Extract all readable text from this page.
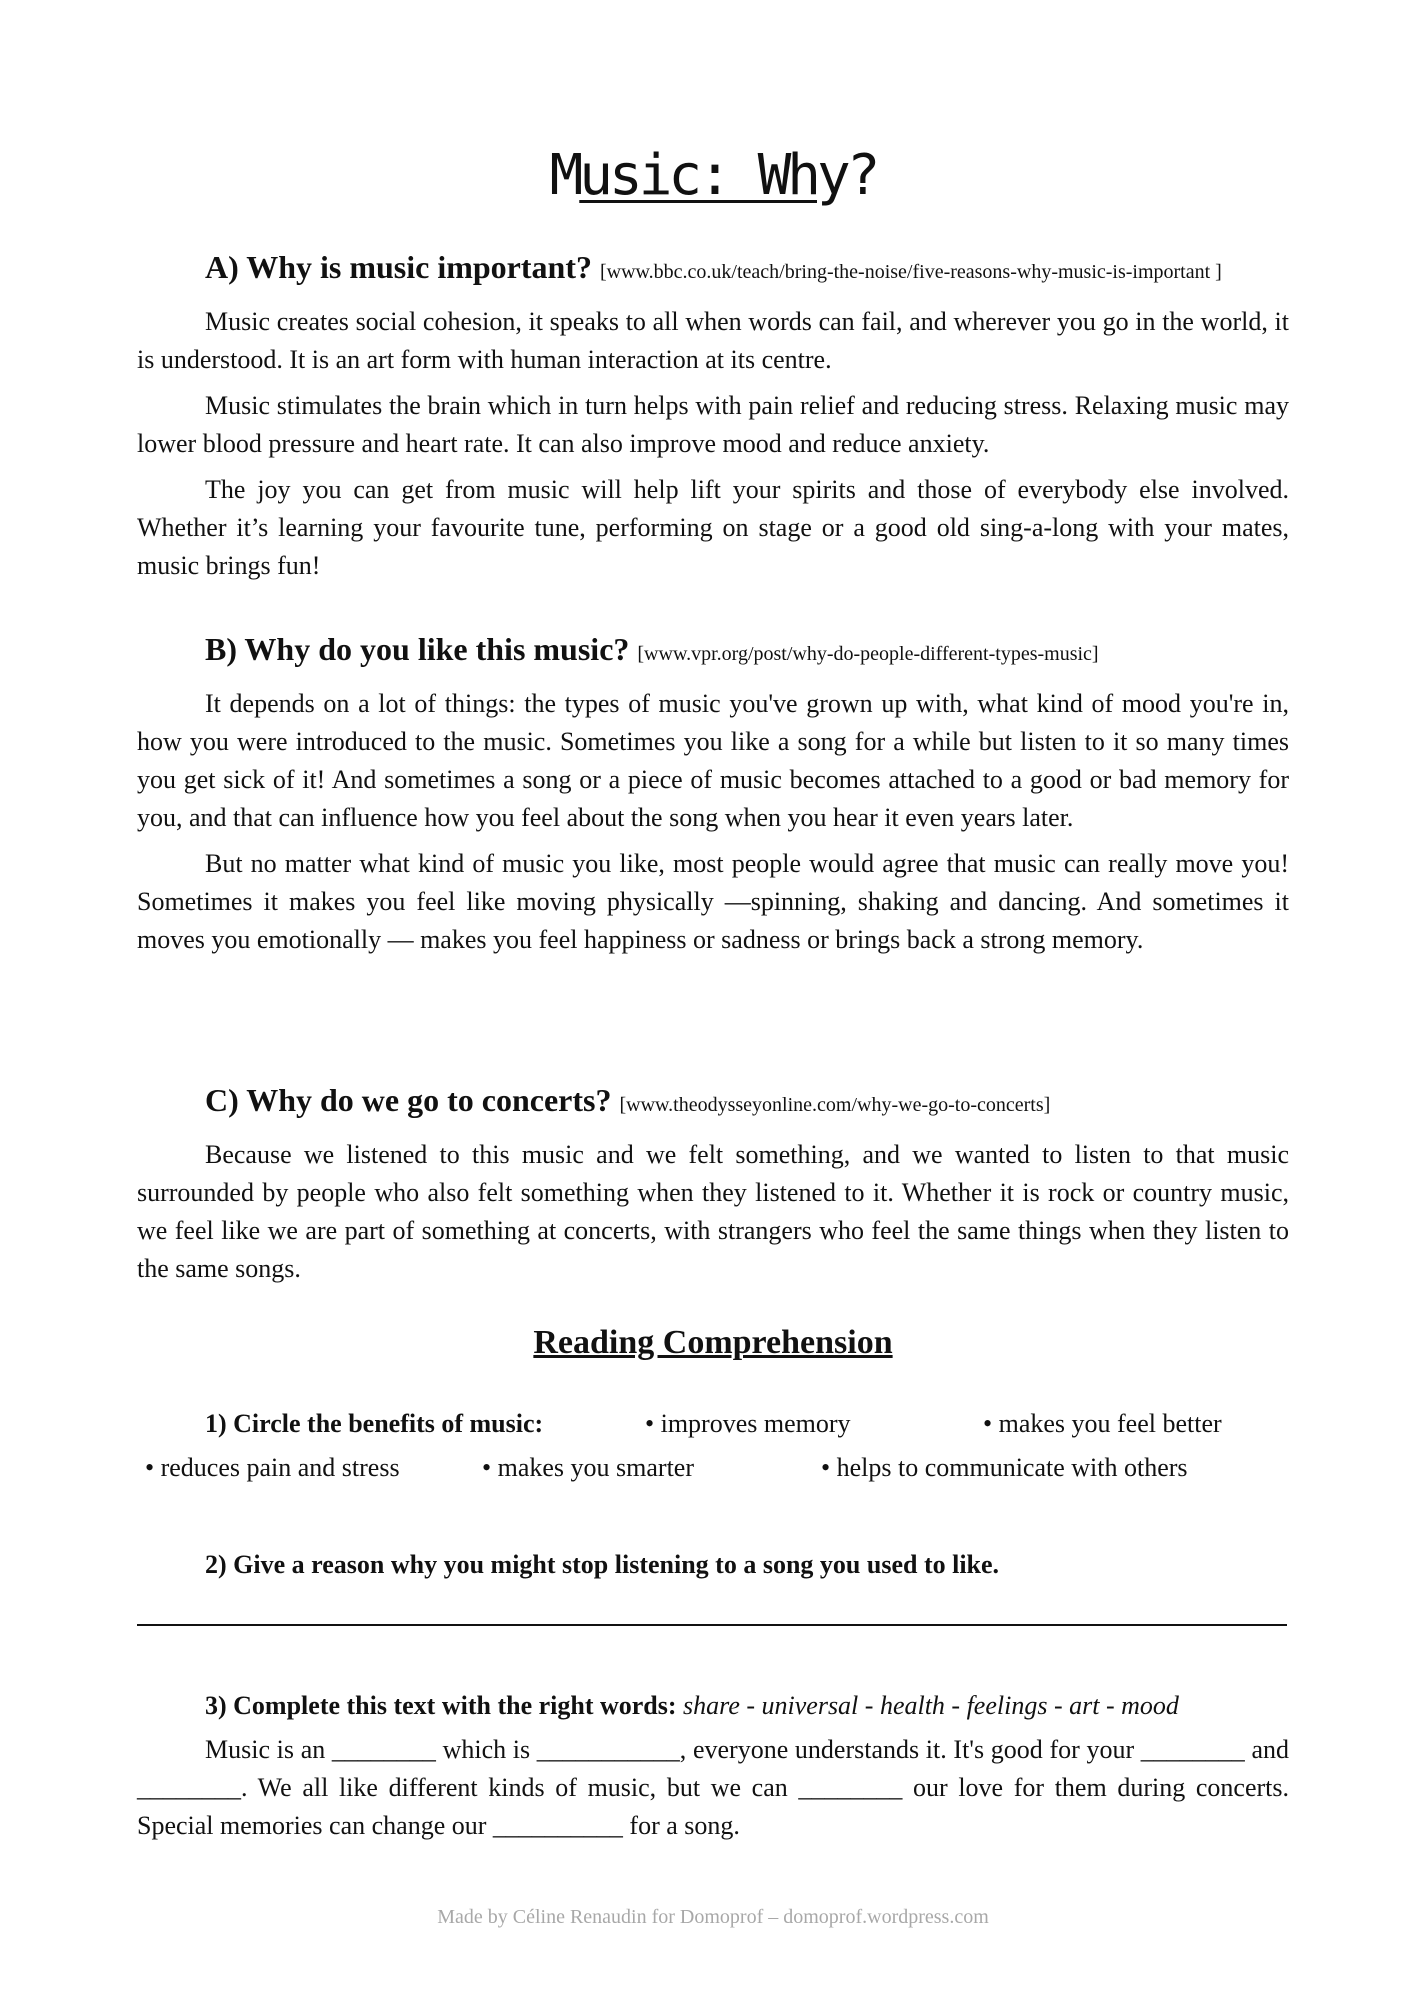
Music: Why?
A) Why is music important? [www.bbc.co.uk/teach/bring-the-noise/five-reasons-why-music-is-important ]

Music creates social cohesion, it speaks to all when words can fail, and wherever you go in the world, it is understood. It is an art form with human interaction at its centre.

Music stimulates the brain which in turn helps with pain relief and reducing stress. Relaxing music may lower blood pressure and heart rate. It can also improve mood and reduce anxiety.

The joy you can get from music will help lift your spirits and those of everybody else involved. Whether it’s learning your favourite tune, performing on stage or a good old sing-a-long with your mates, music brings fun!

B) Why do you like this music? [www.vpr.org/post/why-do-people-different-types-music]

It depends on a lot of things: the types of music you've grown up with, what kind of mood you're in, how you were introduced to the music. Sometimes you like a song for a while but listen to it so many times you get sick of it! And sometimes a song or a piece of music becomes attached to a good or bad memory for you, and that can influence how you feel about the song when you hear it even years later.

But no matter what kind of music you like, most people would agree that music can really move you! Sometimes it makes you feel like moving physically —spinning, shaking and dancing. And sometimes it moves you emotionally — makes you feel happiness or sadness or brings back a strong memory.

C) Why do we go to concerts? [www.theodysseyonline.com/why-we-go-to-concerts]

Because we listened to this music and we felt something, and we wanted to listen to that music surrounded by people who also felt something when they listened to it. Whether it is rock or country music, we feel like we are part of something at concerts, with strangers who feel the same things when they listen to the same songs.

Reading Comprehension
1) Circle the benefits of music:	• improves memory	• makes you feel better
• reduces pain and stress	• makes you smarter	• helps to communicate with others
2) Give a reason why you might stop listening to a song you used to like.
3) Complete this text with the right words: share - universal - health - feelings - art - mood

Music is an ________ which is ___________, everyone understands it. It's good for your ________ and ________. We all like different kinds of music, but we can ________ our love for them during concerts. Special memories can change our __________ for a song.

Made by Céline Renaudin for Domoprof – domoprof.wordpress.com
